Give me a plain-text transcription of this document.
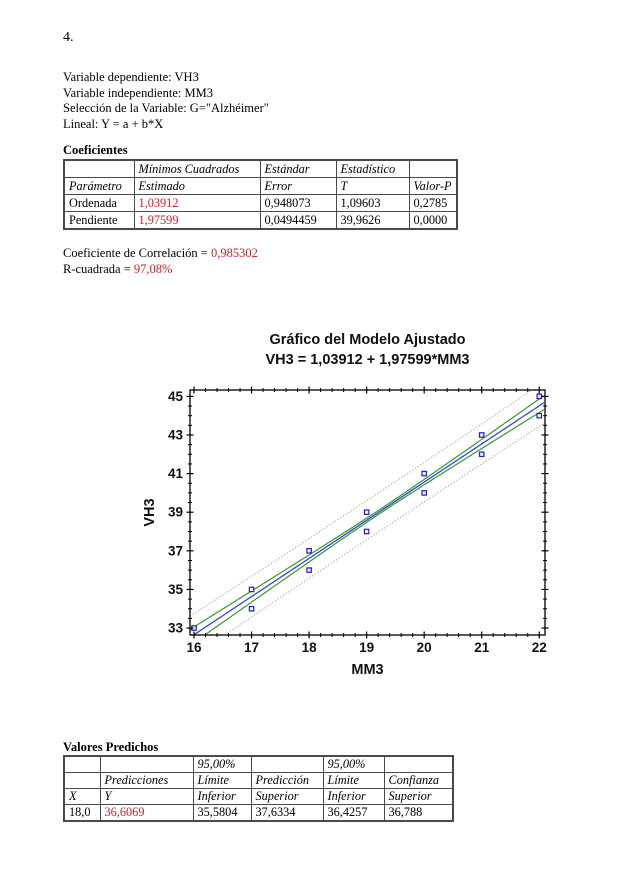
4.
Variable dependiente: VH3
Variable independiente: MM3
Selección de la Variable: G="Alzhéimer"
Lineal: Y = a + b*X
Coeficientes
	Mínimos Cuadrados	Estándar	Estadístico	
Parámetro	Estimado	Error	T	Valor-P
Ordenada	1,03912	0,948073	1,09603	0,2785
Pendiente	1,97599	0,0494459	39,9626	0,0000
Coeficiente de Correlación = 0,985302
R-cuadrada = 97,08%
Gráfico del Modelo Ajustado
VH3 = 1,03912 + 1,97599*MM3
16	17	18	19	20	21	22
33
35
37
39
41
43
45
MM3
VH3
Valores Predichos
		95,00%		95,00%	
	Predicciones	Límite	Predicción	Límite	Confianza
X	Y	Inferior	Superior	Inferior	Superior
18,0	36,6069	35,5804	37,6334	36,4257	36,788
